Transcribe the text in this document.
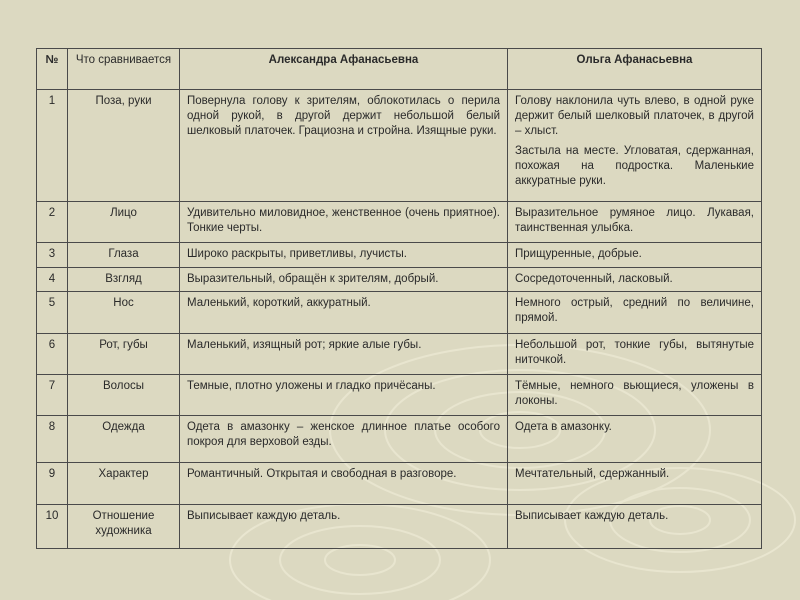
№	Что сравнивается	Александра Афанасьевна	Ольга Афанасьевна
1	Поза, руки	Повернула голову к зрителям, облокотилась о перила одной рукой, в другой держит небольшой белый шелковый платочек. Грациозна и стройна. Изящные руки.	Голову наклонила чуть влево, в одной руке держит белый шелковый платочек, в другой – хлыст.

Застыла на месте. Угловатая, сдержанная, похожая на подростка. Маленькие аккуратные руки.

2	Лицо	Удивительно миловидное, женственное (очень приятное). Тонкие черты.	Выразительное румяное лицо. Лукавая, таинственная улыбка.

3	Глаза	Широко раскрыты, приветливы, лучисты.	Прищуренные, добрые.

4	Взгляд	Выразительный, обращён к зрителям, добрый.	Сосредоточенный, ласковый.

5	Нос	Маленький, короткий, аккуратный.	Немного острый, средний по величине, прямой.

6	Рот, губы	Маленький, изящный рот; яркие алые губы.	Небольшой рот, тонкие губы, вытянутые ниточкой.

7	Волосы	Темные, плотно уложены и гладко причёсаны.	Тёмные, немного вьющиеся, уложены в локоны.

8	Одежда	Одета в амазонку – женское длинное платье особого покроя для верховой езды.	Одета в амазонку.

9	Характер	Романтичный. Открытая и свободная в разговоре.	Мечтательный, сдержанный.

10	Отношение художника	Выписывает каждую деталь.	Выписывает каждую деталь.
